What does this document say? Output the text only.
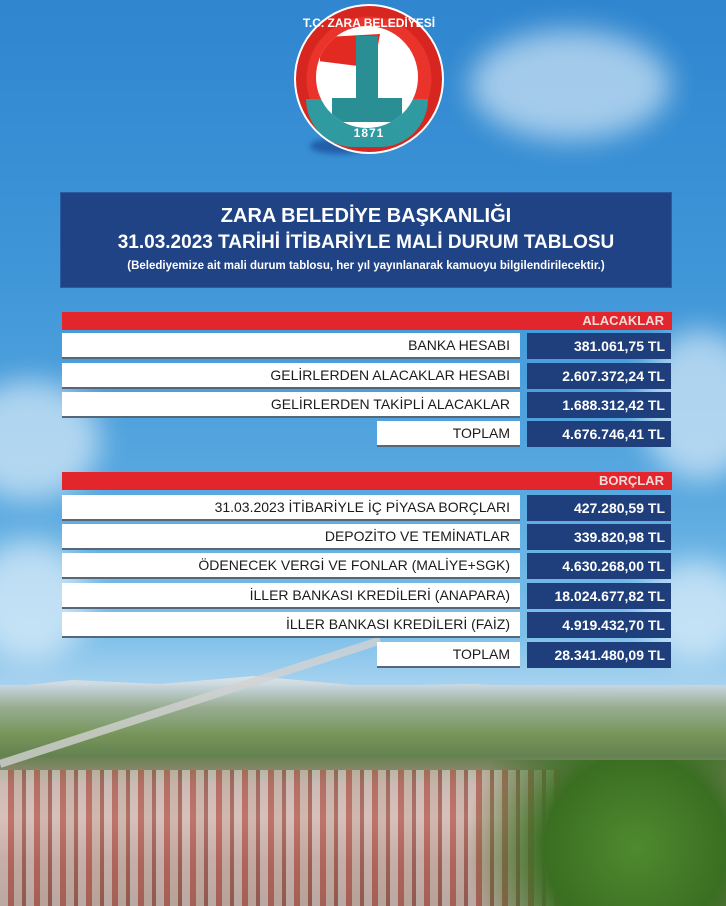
T.C. ZARA BELEDİYESİ
1871
ZARA BELEDİYE BAŞKANLIĞI
31.03.2023 TARİHİ İTİBARİYLE MALİ DURUM TABLOSU
(Belediyemize ait mali durum tablosu, her yıl yayınlanarak kamuoyu bilgilendirilecektir.)
ALACAKLAR
BANKA HESABI	381.061,75 TL
GELİRLERDEN ALACAKLAR HESABI	2.607.372,24 TL
GELİRLERDEN TAKİPLİ ALACAKLAR	1.688.312,42 TL
TOPLAM	4.676.746,41 TL
BORÇLAR
31.03.2023 İTİBARİYLE İÇ PİYASA BORÇLARI	427.280,59 TL
DEPOZİTO VE TEMİNATLAR	339.820,98 TL
ÖDENECEK VERGİ VE FONLAR (MALİYE+SGK)	4.630.268,00 TL
İLLER BANKASI KREDİLERİ (ANAPARA)	18.024.677,82 TL
İLLER BANKASI KREDİLERİ (FAİZ)	4.919.432,70 TL
TOPLAM	28.341.480,09 TL
